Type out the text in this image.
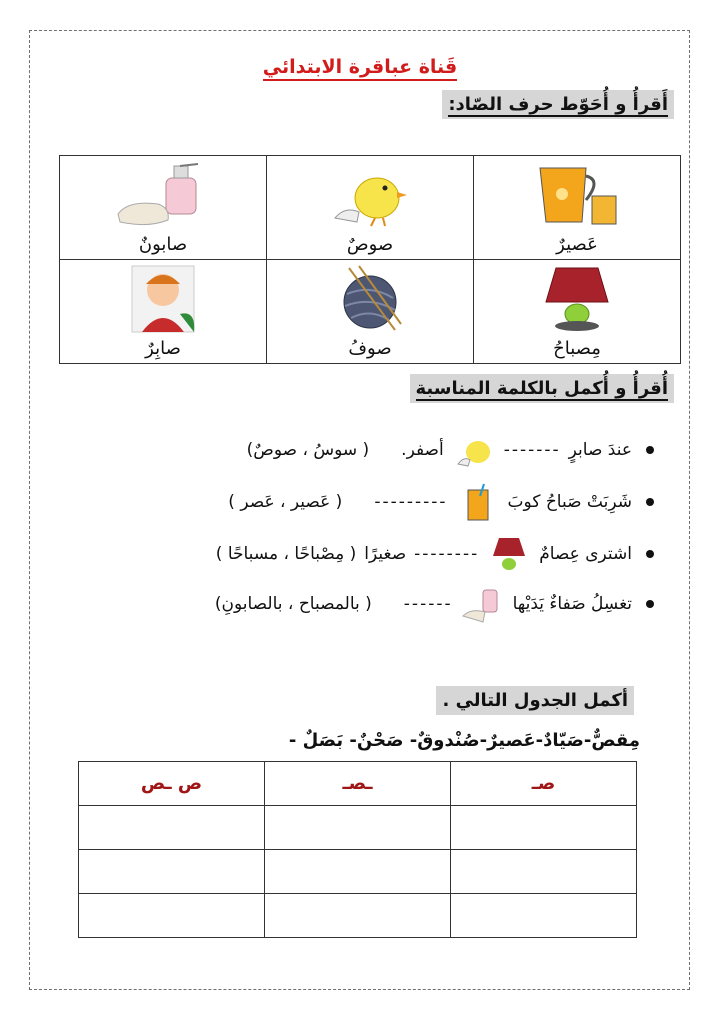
قَناة عباقرة الابتدائي
أَقرأُ و أُحَوّط حرف الصّاد:
صابونٌ	صوصٌ	عَصيرٌ

صابِرٌ	صوفُ	مِصباحُ
أُقرأُ و أُكمل بالكلمة المناسبة
عندَ صابرٍ
-------
أصفر.
( سوسُ ، صوصٌ)
شَرِبَتْ صَباحُ كوبَ
---------
( عَصير ، عَصر )
اشترى عِصامٌ
--------
صغيرًا
( مِصْباحًا ، مسباحًا )
تغسِلُ صَفاءٌ يَدَيْها
------
( بالمصباح ، بالصابونِ)
أكمل الجدول التالي .
مِقصٌّ-صَيّادٌ-عَصيرٌ-صُنْدوقٌ- صَحْنٌ- بَصَلٌ -
ص ـص	ـصـ	صـ
